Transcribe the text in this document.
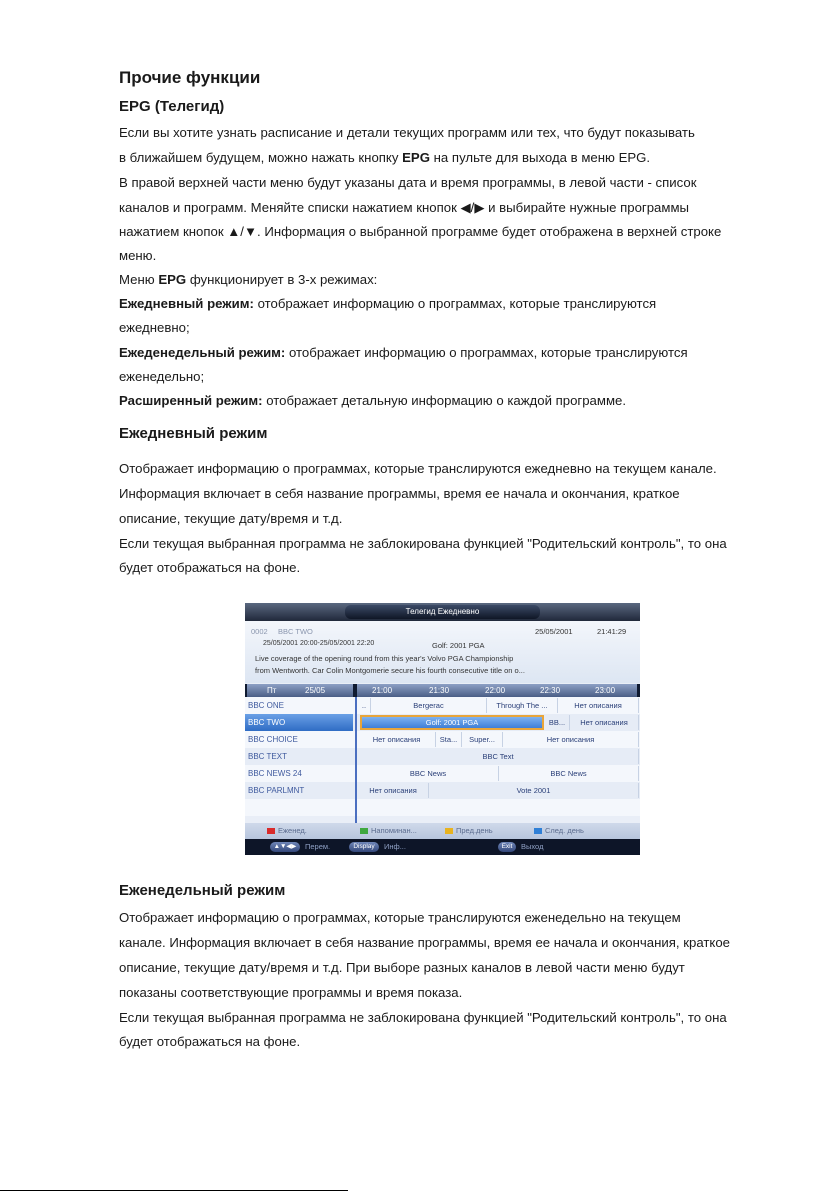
Прочие функции
EPG (Телегид)
Если вы хотите узнать расписание и детали текущих программ или тех, что будут показывать
в ближайшем будущем, можно нажать кнопку EPG на пульте для выхода в меню EPG.
В правой верхней части меню будут указаны дата и время программы, в левой части - список
каналов и программ. Меняйте списки нажатием кнопок ◀/▶ и выбирайте нужные программы
нажатием кнопок ▲/▼. Информация о выбранной программе будет отображена в верхней строке
меню.
Меню EPG функционирует в 3-х режимах:
Ежедневный режим: отображает информацию о программах, которые транслируются
ежедневно;
Ежеденедельный режим: отображает информацию о программах, которые транслируются
еженедельно;
Расширенный режим: отображает детальную информацию о каждой программе.
Ежедневный режим
Отображает информацию о программах, которые транслируются ежедневно на текущем канале.
Информация включает в себя название программы, время ее начала и окончания, краткое
описание, текущие дату/время и т.д.
Если текущая выбранная программа не заблокирована функцией "Родительский контроль", то она
будет отображаться на фоне.
Еженедельный режим
Отображает информацию о программах, которые транслируются еженедельно на текущем
канале. Информация включает в себя название программы, время ее начала и окончания, краткое
описание, текущие дату/время и т.д. При выборе разных каналов в левой части меню будут
показаны соответствующие программы и время показа.
Если текущая выбранная программа не заблокирована функцией "Родительский контроль", то она
будет отображаться на фоне.
Телегид Ежедневно
0002 BBC TWO	25/05/2001	21:41:29
25/05/2001 20:00-25/05/2001 22:20	Golf: 2001 PGA
Live coverage of the opening round from this year's Volvo PGA Championship
from Wentworth. Car Colin Montgomerie secure his fourth consecutive title on o...
Пт	25/05	21:00	21:30	22:00	22:30	23:00
BBC ONE	..	Bergerac	Through The ...	Нет описания
BBC TWO	Golf: 2001 PGA	BB...	Нет описания
BBC CHOICE	Нет описания	Sta...	Super...	Нет описания
BBC TEXT	BBC Text
BBC NEWS 24	BBC News	BBC News
BBC PARLMNT	Нет описания	Vote 2001
Еженед.	Напоминан...	Пред.день	След. день
▲▼◀▶	Перем.	Display	Инф...	Exit	Выход
